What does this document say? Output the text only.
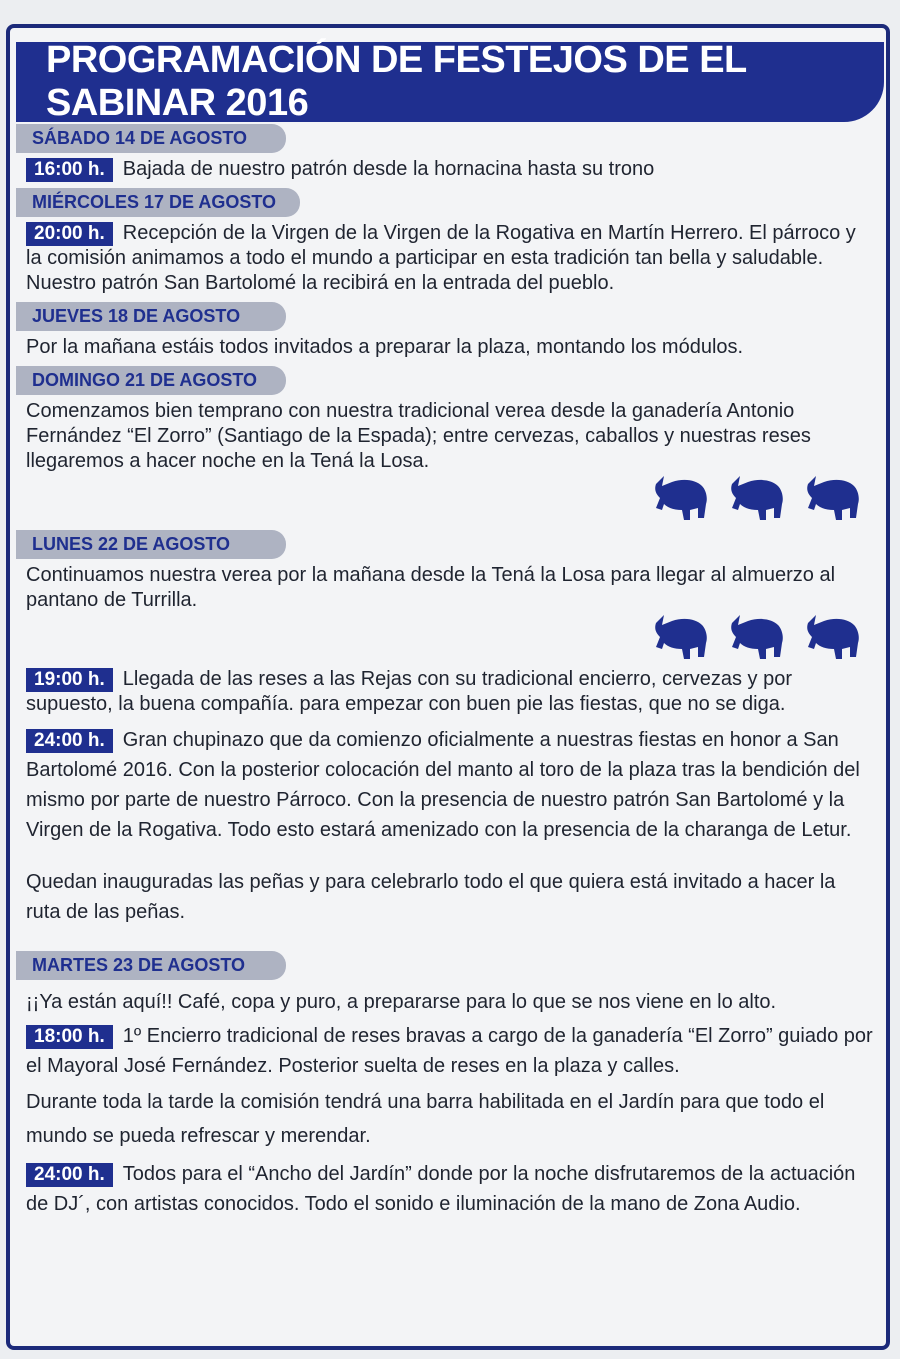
PROGRAMACIÓN DE FESTEJOS DE EL SABINAR 2016
SÁBADO 14 DE AGOSTO
16:00 h. Bajada de nuestro patrón desde la hornacina hasta su trono
MIÉRCOLES 17 DE AGOSTO
20:00 h. Recepción de la Virgen de la Virgen de la Rogativa en Martín Herrero. El párroco y la comisión animamos a todo el mundo a participar en esta tradición tan bella y saludable. Nuestro patrón San Bartolomé la recibirá en la entrada del pueblo.
JUEVES 18 DE AGOSTO
Por la mañana estáis todos invitados a preparar la plaza, montando los módulos.
DOMINGO 21 DE AGOSTO
Comenzamos bien temprano con nuestra tradicional verea desde la ganadería Antonio Fernández “El Zorro” (Santiago de la Espada); entre cervezas, caballos y nuestras reses llegaremos a hacer noche en la Tená la Losa.
LUNES 22 DE AGOSTO
Continuamos nuestra verea por la mañana desde la Tená la Losa para llegar al almuerzo al pantano de Turrilla.
19:00 h. Llegada de las reses a las Rejas con su tradicional encierro, cervezas y por supuesto, la buena compañía. para empezar con buen pie las fiestas, que no se diga.
24:00 h. Gran chupinazo que da comienzo oficialmente a nuestras fiestas en honor a San Bartolomé 2016. Con la posterior colocación del manto al toro de la plaza tras la bendición del mismo por parte de nuestro Párroco. Con la presencia de nuestro patrón San Bartolomé y la Virgen de la Rogativa. Todo esto estará amenizado con la presencia de la charanga de Letur.
Quedan inauguradas las peñas y para celebrarlo todo el que quiera está invitado a hacer la ruta de las peñas.
MARTES 23 DE AGOSTO
¡¡Ya están aquí!! Café, copa y puro, a prepararse para lo que se nos viene en lo alto.
18:00 h. 1º Encierro tradicional de reses bravas a cargo de la ganadería “El Zorro” guiado por el Mayoral José Fernández. Posterior suelta de reses en la plaza y calles.
Durante toda la tarde la comisión tendrá una barra habilitada en el Jardín para que todo el mundo se pueda refrescar y merendar.
24:00 h. Todos para el “Ancho del Jardín” donde por la noche disfrutaremos de la actuación de DJ´, con artistas conocidos. Todo el sonido e iluminación de la mano de Zona Audio.
